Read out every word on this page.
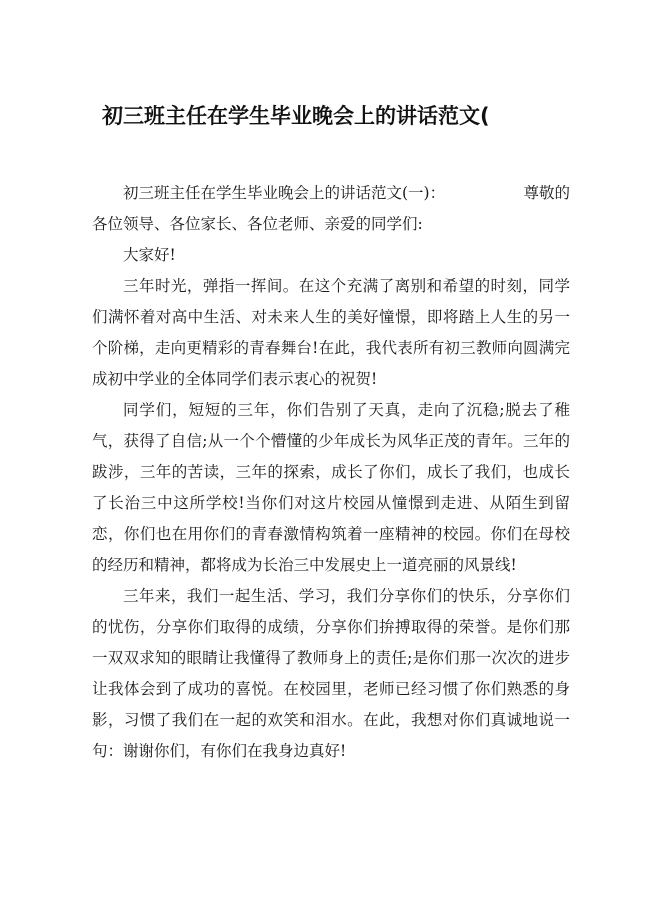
初三班主任在学生毕业晚会上的讲话范文(
初三班主任在学生毕业晚会上的讲话范文(一)：	尊敬的
各位领导、各位家长、各位老师、亲爱的同学们:

大家好!

三年时光，弹指一挥间。在这个充满了离别和希望的时刻，同学们满怀着对高中生活、对未来人生的美好憧憬，即将踏上人生的另一个阶梯，走向更精彩的青春舞台!在此，我代表所有初三教师向圆满完成初中学业的全体同学们表示衷心的祝贺!

同学们，短短的三年，你们告别了天真，走向了沉稳;脱去了稚气，获得了自信;从一个个懵懂的少年成长为风华正茂的青年。三年的跋涉，三年的苦读，三年的探索，成长了你们，成长了我们，也成长了长治三中这所学校!当你们对这片校园从憧憬到走进、从陌生到留恋，你们也在用你们的青春激情构筑着一座精神的校园。你们在母校的经历和精神，都将成为长治三中发展史上一道亮丽的风景线!

三年来，我们一起生活、学习，我们分享你们的快乐，分享你们的忧伤，分享你们取得的成绩，分享你们拚搏取得的荣誉。是你们那一双双求知的眼睛让我懂得了教师身上的责任;是你们那一次次的进步让我体会到了成功的喜悦。在校园里，老师已经习惯了你们熟悉的身影，习惯了我们在一起的欢笑和泪水。在此，我想对你们真诚地说一句：谢谢你们，有你们在我身边真好!
